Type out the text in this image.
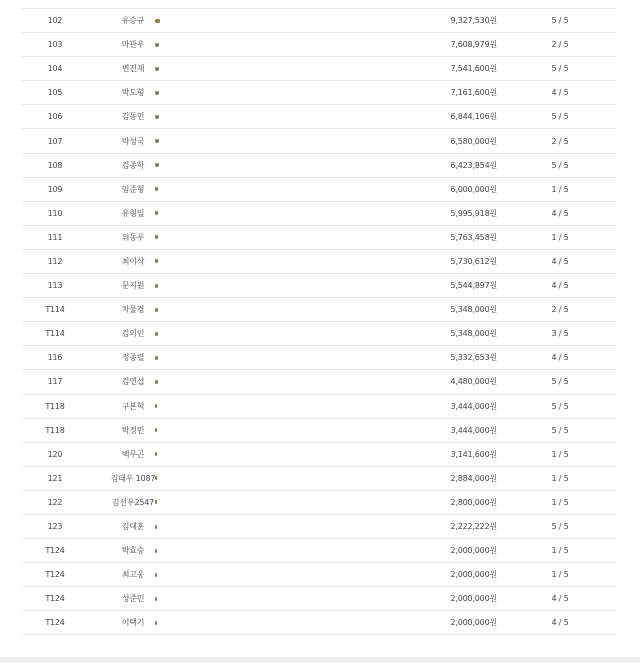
102	유승규	9,327,530원	5 / 5
103	마관우	7,608,979원	2 / 5
104	변진재	7,541,600원	5 / 5
105	박도형	7,161,600원	4 / 5
106	김동민	6,844,106원	5 / 5
107	박성국	6,580,000원	2 / 5
108	김종학	6,423,854원	5 / 5
109	임준형	6,000,000원	1 / 5
110	유형일	5,995,918원	4 / 5
111	위동우	5,763,458원	1 / 5
112	최이삭	5,730,612원	4 / 5
113	문지원	5,544,897원	4 / 5
T114	차율경	5,348,000원	2 / 5
T114	김의인	5,348,000원	3 / 5
116	정종렬	5,332,653원	4 / 5
117	김연섭	4,480,000원	5 / 5
T118	구본혁	3,444,000원	5 / 5
T118	박정민	3,444,000원	5 / 5
120	백무곤	3,141,600원	1 / 5
121	김태우 1087	2,884,000원	1 / 5
122	김선우2547	2,800,000원	1 / 5
123	김대훈	2,222,222원	5 / 5
T124	박효승	2,000,000원	1 / 5
T124	최고웅	2,000,000원	1 / 5
T124	성준민	2,000,000원	4 / 5
T124	이택기	2,000,000원	4 / 5
